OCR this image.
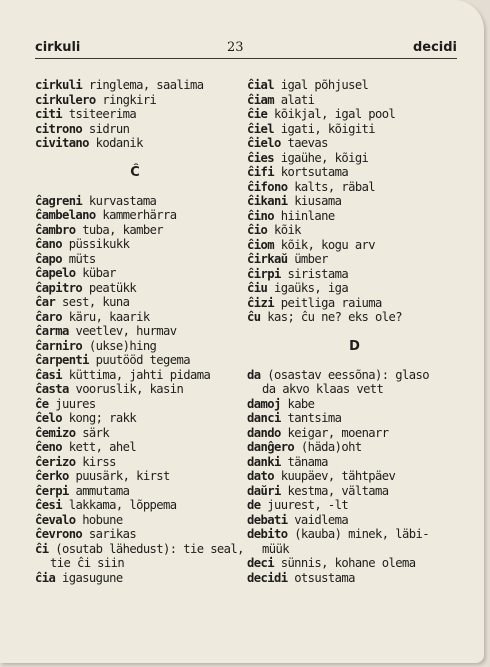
cirkuli	23	decidi
cirkuli ringlema, saalima
cirkulero ringkiri
citi tsiteerima
citrono sidrun
civitano kodanik
Ĉ
ĉagreni kurvastama
ĉambelano kammerhärra
ĉambro tuba, kamber
ĉano püssikukk
ĉapo müts
ĉapelo kübar
ĉapitro peatükk
ĉar sest, kuna
ĉaro käru, kaarik
ĉarma veetlev, hurmav
ĉarniro (ukse)hing
ĉarpenti puutööd tegema
ĉasi küttima, jahti pidama
ĉasta vooruslik, kasin
ĉe juures
ĉelo kong; rakk
ĉemizo särk
ĉeno kett, ahel
ĉerizo kirss
ĉerko puusärk, kirst
ĉerpi ammutama
ĉesi lakkama, lõppema
ĉevalo hobune
ĉevrono sarikas
ĉi (osutab lähedust): tie seal,
tie ĉi siin
ĉia igasugune
ĉial igal põhjusel
ĉiam alati
ĉie kõikjal, igal pool
ĉiel igati, kõigiti
ĉielo taevas
ĉies igaühe, kõigi
ĉifi kortsutama
ĉifono kalts, räbal
ĉikani kiusama
ĉino hiinlane
ĉio kõik
ĉiom kõik, kogu arv
ĉirkaŭ ümber
ĉirpi siristama
ĉiu igaüks, iga
ĉizi peitliga raiuma
ĉu kas; ĉu ne? eks ole?
D
da (osastav eessõna): glaso
da akvo klaas vett
damoj kabe
danci tantsima
dando keigar, moenarr
danĝero (häda)oht
danki tänama
dato kuupäev, tähtpäev
daŭri kestma, vältama
de juurest, -lt
debati vaidlema
debito (kauba) minek, läbi-
müük
deci sünnis, kohane olema
decidi otsustama
